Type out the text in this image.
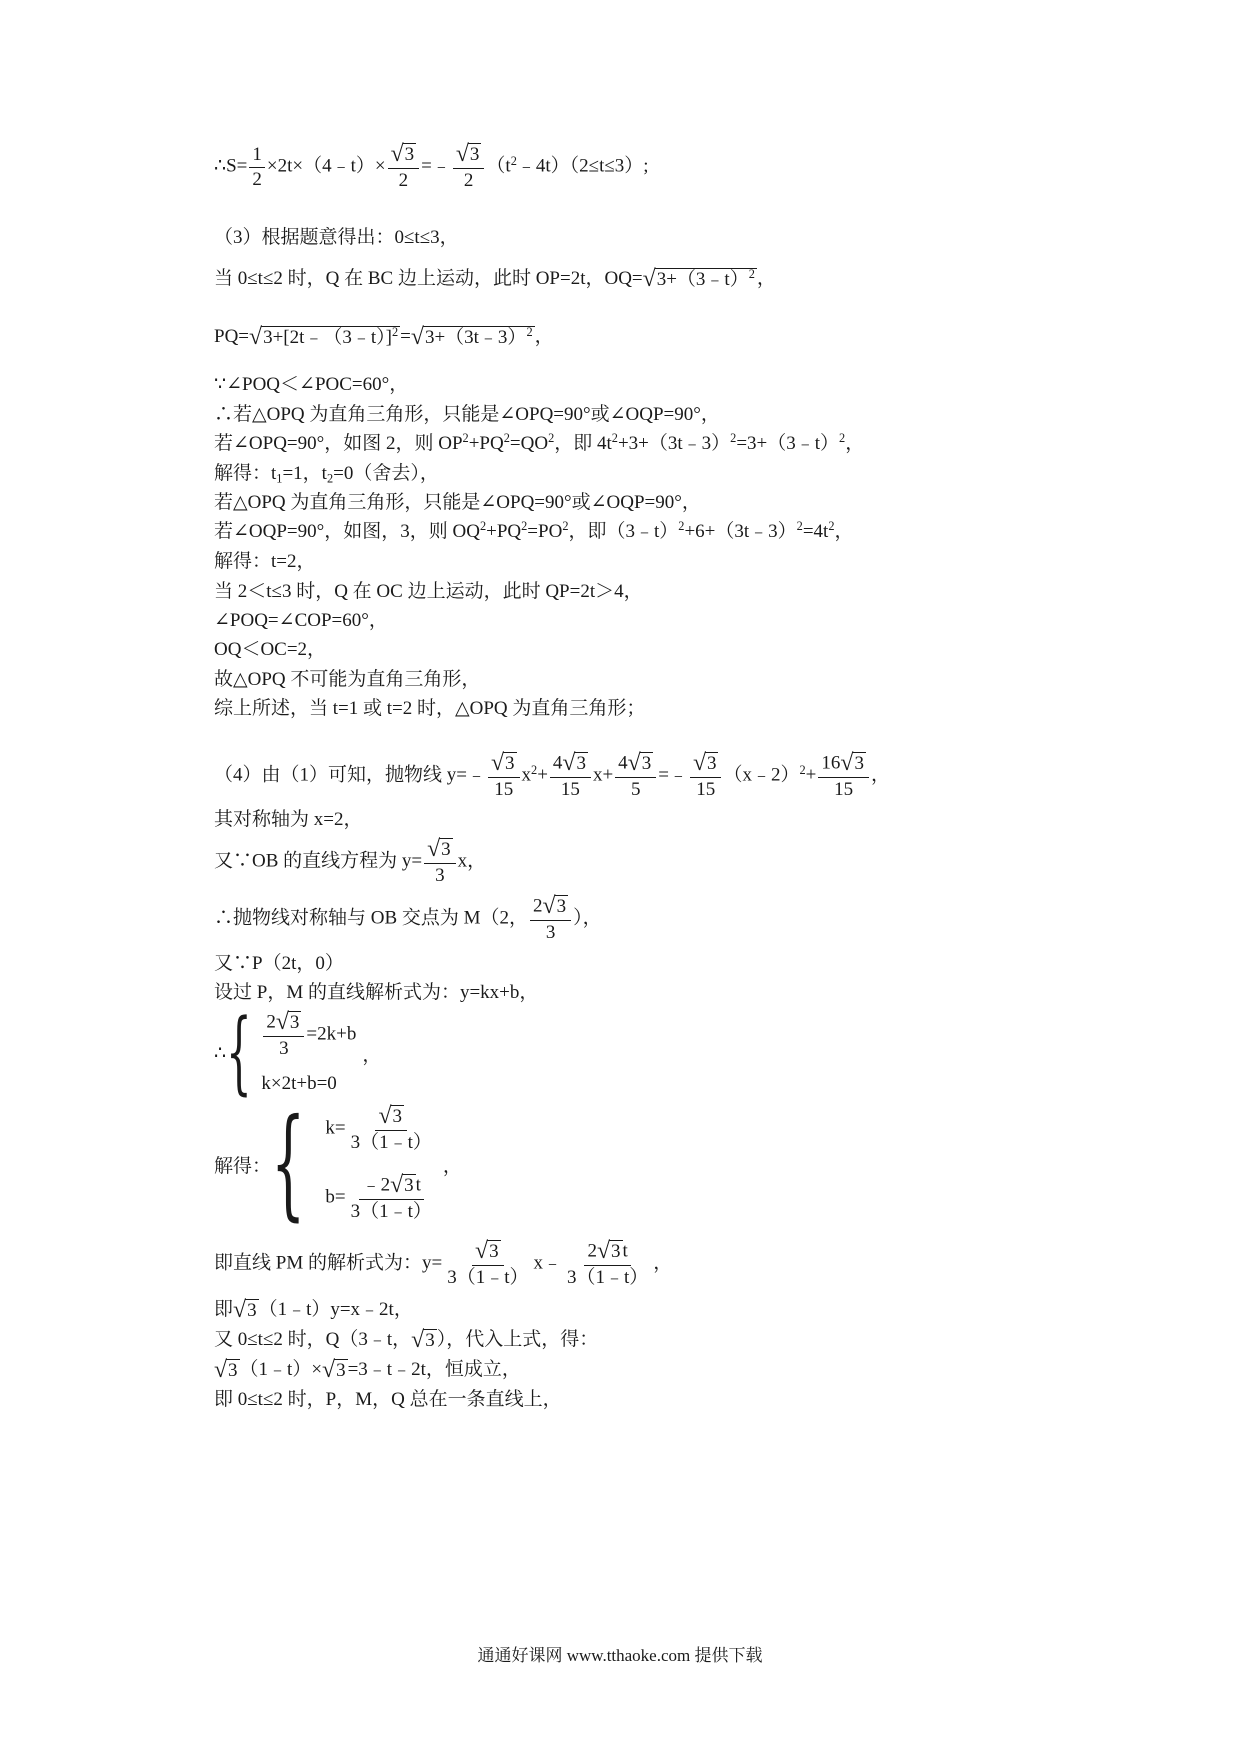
∴S= $\frac{1}{2}$ ×2t×（4﹣t）× $\frac{√ 3}{2}$ =﹣ $\frac{√ 3}{2}$ $(t^2﹣4t)(2\le t\le 3)$;
（3）根据题意得出：0≤t≤3，
当 0≤t≤2 时，Q 在 BC 边上运动，此时 OP=2t，OQ= √ 3+（3﹣t）$^2$ ，
PQ= √ 3+[2t﹣（3﹣t）]$^2$ = √ 3+（3t﹣3）$^2$ ，
∵∠POQ＜∠POC=60°，
∴若△OPQ 为直角三角形，只能是∠OPQ=90°或∠OQP=90°，
若∠OPQ=90°，如图 2，则 $OP^2+PQ^2=QO^2$，即 $4t^2+3+(3t﹣3)^2=3+(3﹣t)^2$，
解得：$t_1=1$，$t_2=0$（舍去），
若△OPQ 为直角三角形，只能是∠OPQ=90°或∠OQP=90°，
若∠OQP=90°，如图，3，则 $OQ^2+PQ^2=PO^2$，即$(3﹣t)^2+6+(3t﹣3)^2=4t^2$，
解得：t=2，
当 2＜t≤3 时，Q 在 OC 边上运动，此时 QP=2t＞4，
∠POQ=∠COP=60°，
OQ＜OC=2，
故△OPQ 不可能为直角三角形，
综上所述，当 t=1 或 t=2 时，△OPQ 为直角三角形；
（4）由（1）可知，抛物线 y=﹣ $\frac{√ 3}{15} x^2+ \frac{4 √ 3}{15} x+ \frac{4 √ 3}{5}$ =﹣ $\frac{√ 3}{15}$ （x﹣2）$^2$+ $\frac{16 √ 3}{15}$ ，
其对称轴为 x=2，
又∵OB 的直线方程为 $y= \frac{√ 3}{3}$ x，
∴抛物线对称轴与 OB 交点为 M（2， $\frac{2 √ 3}{3}$ ），
又∵P（2t，0）
设过 P，M 的直线解析式为：y=kx+b，
∴ { $\frac{2 √ 3}{3} =2k+b$
k×2t+b=0
，
解得： { $k= \frac{√ 3}{3(1﹣t)}$
$b= \frac{﹣2 √ 3 t}{3(1﹣t)}$
，
即直线 PM 的解析式为：$y= \frac{√ 3}{3(1﹣t)}$ x﹣ $\frac{2 √ 3 t}{3(1﹣t)}$ ，
即 √ 3 （1﹣t）y=x﹣2t，
又 0≤t≤2 时，Q（3﹣t， √ 3 ），代入上式，得：
√ 3 （1﹣t）× √ 3 =3﹣t﹣2t，恒成立，
即 0≤t≤2 时，P，M，Q 总在一条直线上，
通通好课网 www.tthaoke.com 提供下载
